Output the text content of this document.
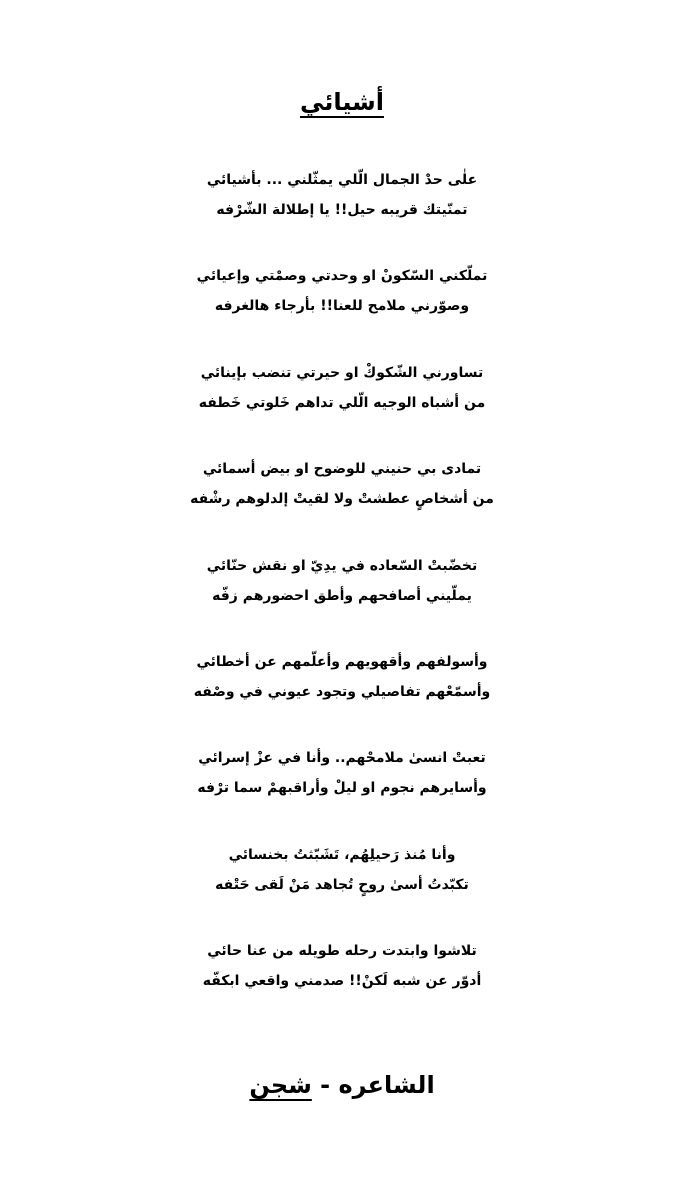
أشيائي
علٰى حدْ الجمال الّلي يمثّلني ... بأشيائي
تمنّيتك قريبه حيل!! يا إطلالة الشّرْفه
تملّكني السّكونْ او وحدتي وصمْتي وإعيائي
وصوّرني ملامح للعنا!! بأرجاء هالغرفه
تساورني الشّكوكْ او حيرتي تنضب بإينائي
من أشباه الوجيه الّلي تداهم خَلوتي خَطفه
تمادى بي حنيني للوضوح او بيض أسمائي
من أشخاصٍ عطشتْ ولا لقيتْ إلدلوهم رشْفه
تخضّبتْ السّعاده في يدِيّ او نقش حنّائي
يملّيني أصافحهم وأطق احضورهم زفّه
وأسولفهم وأقهويهم وأعلّمهم عن أخطائي
وأسمّعْهم تفاصيلي وتجود عيوني في وصْفه
تعبتْ انسىٰ ملامحْهم.. وأنا في عزْ إسرائي
وأسايرهم نجوم او ليلْ وأراقبهمْ سما ترْفه
وأنا مُنذ رَحيلِهُم، تَشَبّثتُ بخنسائي
تكبّدتُ أسىٰ روحٍ تُجاهد مَنْ لَقى حَتْفه
تلاشوا وابتدت رحله طويله من عنا حائي
أدوّر عن شبه لَكنْ!! صدمني واقعي ابكفّه
الشاعره - شجن
